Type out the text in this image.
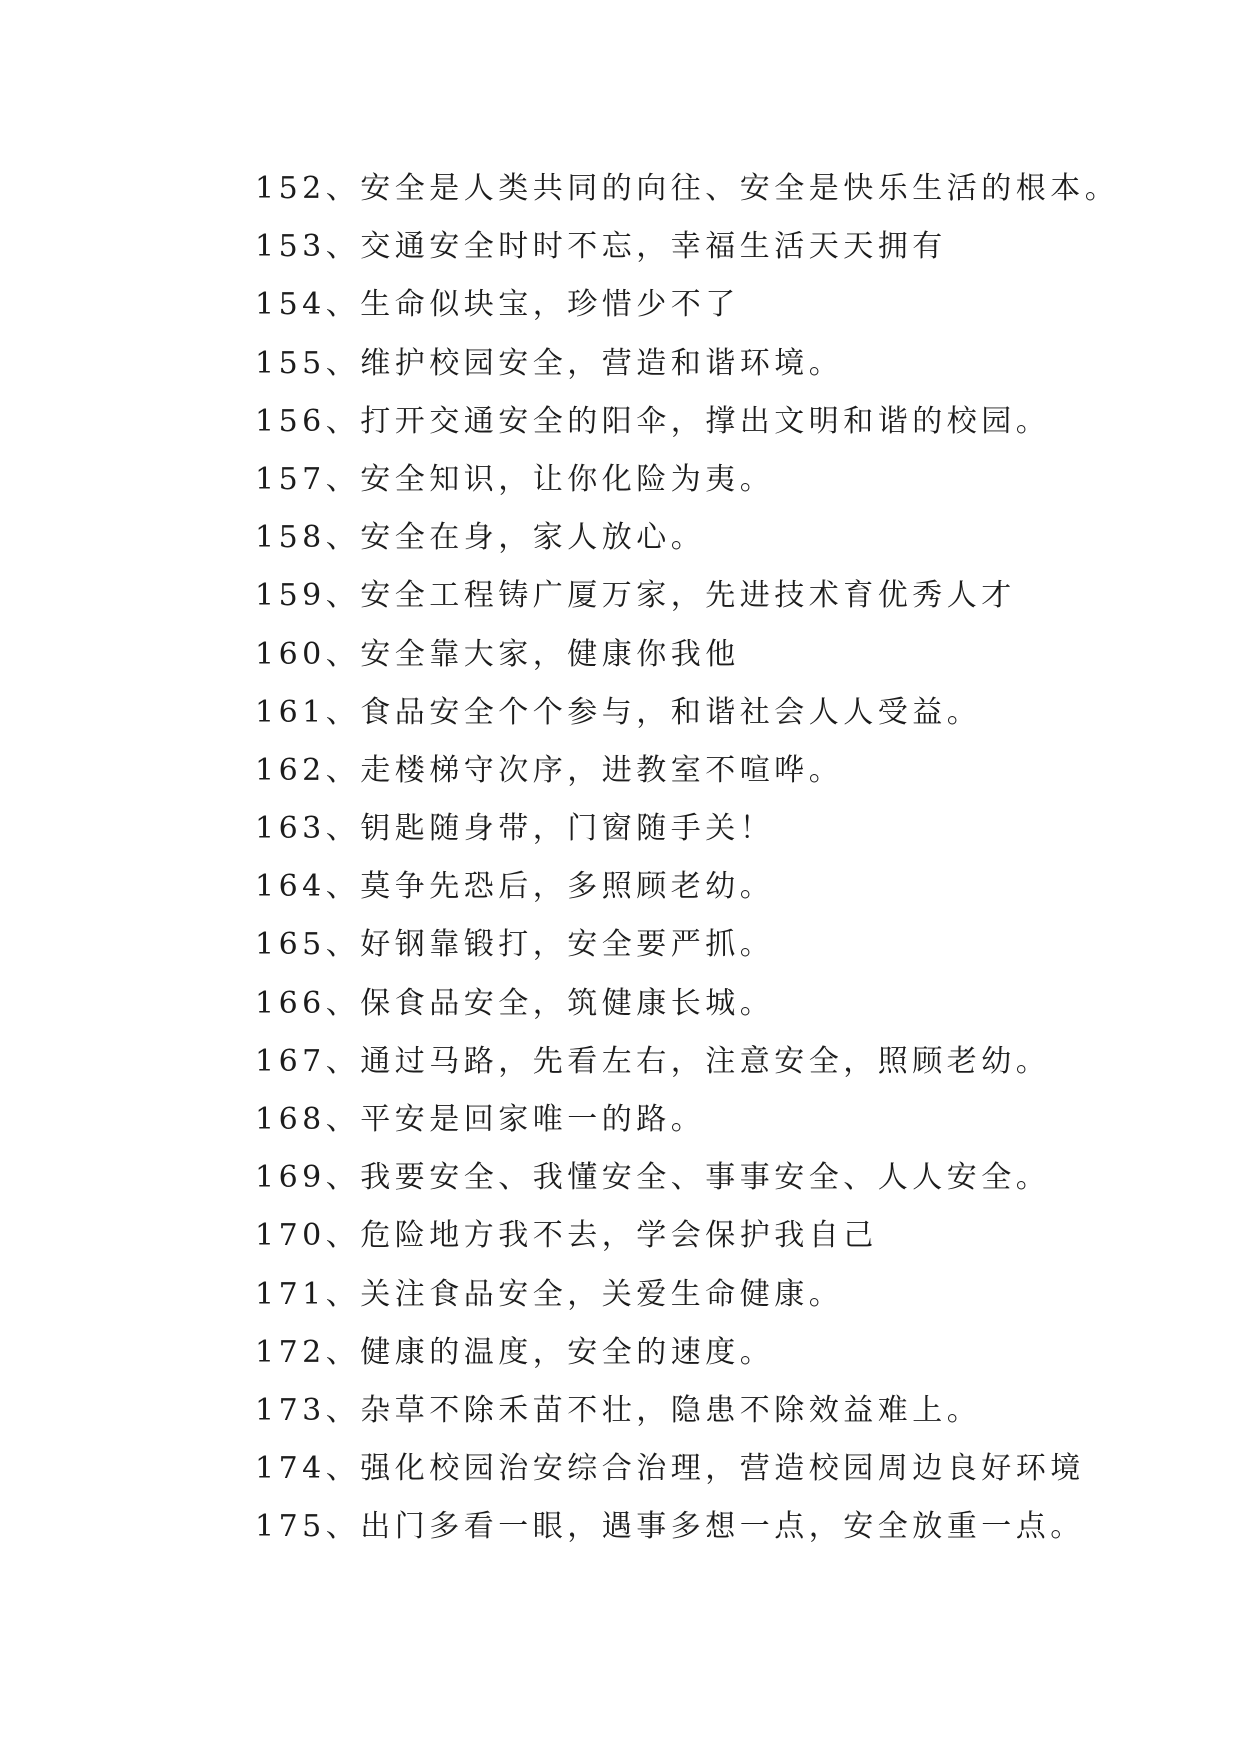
152、安全是人类共同的向往、安全是快乐生活的根本。
153、交通安全时时不忘，幸福生活天天拥有
154、生命似块宝，珍惜少不了
155、维护校园安全，营造和谐环境。
156、打开交通安全的阳伞，撑出文明和谐的校园。
157、安全知识，让你化险为夷。
158、安全在身，家人放心。
159、安全工程铸广厦万家，先进技术育优秀人才
160、安全靠大家，健康你我他
161、食品安全个个参与，和谐社会人人受益。
162、走楼梯守次序，进教室不喧哗。
163、钥匙随身带，门窗随手关！
164、莫争先恐后，多照顾老幼。
165、好钢靠锻打，安全要严抓。
166、保食品安全，筑健康长城。
167、通过马路，先看左右，注意安全，照顾老幼。
168、平安是回家唯一的路。
169、我要安全、我懂安全、事事安全、人人安全。
170、危险地方我不去，学会保护我自己
171、关注食品安全，关爱生命健康。
172、健康的温度，安全的速度。
173、杂草不除禾苗不壮，隐患不除效益难上。
174、强化校园治安综合治理，营造校园周边良好环境
175、出门多看一眼，遇事多想一点，安全放重一点。
